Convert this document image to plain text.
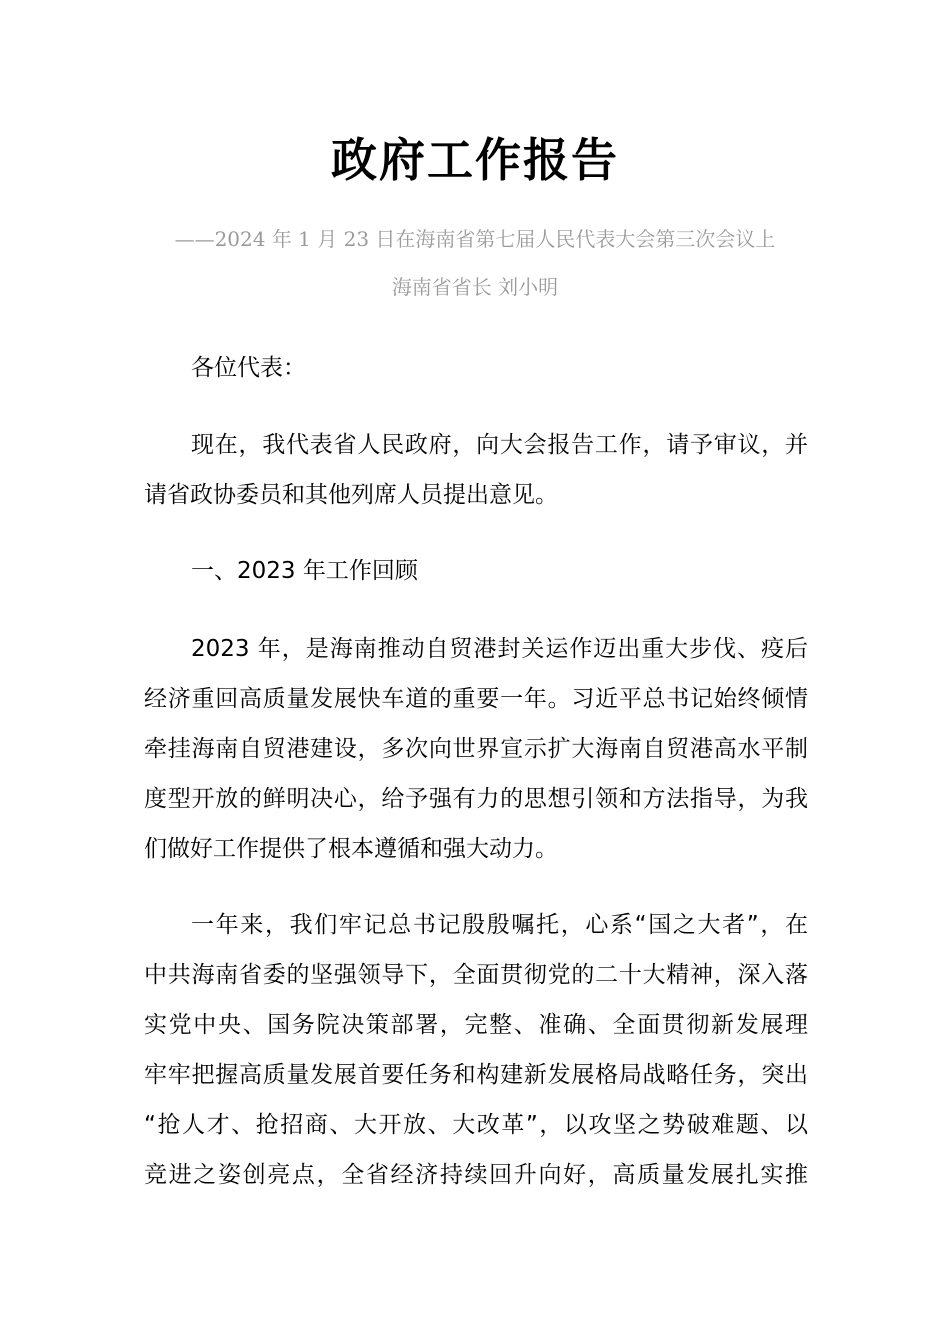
政府工作报告
——2024 年 1 月 23 日在海南省第七届人民代表大会第三次会议上
海南省省长 刘小明
各位代表：
现在，我代表省人民政府，向大会报告工作，请予审议，并
请省政协委员和其他列席人员提出意见。
一、2023 年工作回顾
2023 年，是海南推动自贸港封关运作迈出重大步伐、疫后
经济重回高质量发展快车道的重要一年。习近平总书记始终倾情
牵挂海南自贸港建设，多次向世界宣示扩大海南自贸港高水平制
度型开放的鲜明决心，给予强有力的思想引领和方法指导，为我
们做好工作提供了根本遵循和强大动力。
一年来，我们牢记总书记殷殷嘱托，心系“国之大者”，在
中共海南省委的坚强领导下，全面贯彻党的二十大精神，深入落
实党中央、国务院决策部署，完整、准确、全面贯彻新发展理
牢牢把握高质量发展首要任务和构建新发展格局战略任务，突出
“抢人才、抢招商、大开放、大改革”，以攻坚之势破难题、以
竞进之姿创亮点，全省经济持续回升向好，高质量发展扎实推
